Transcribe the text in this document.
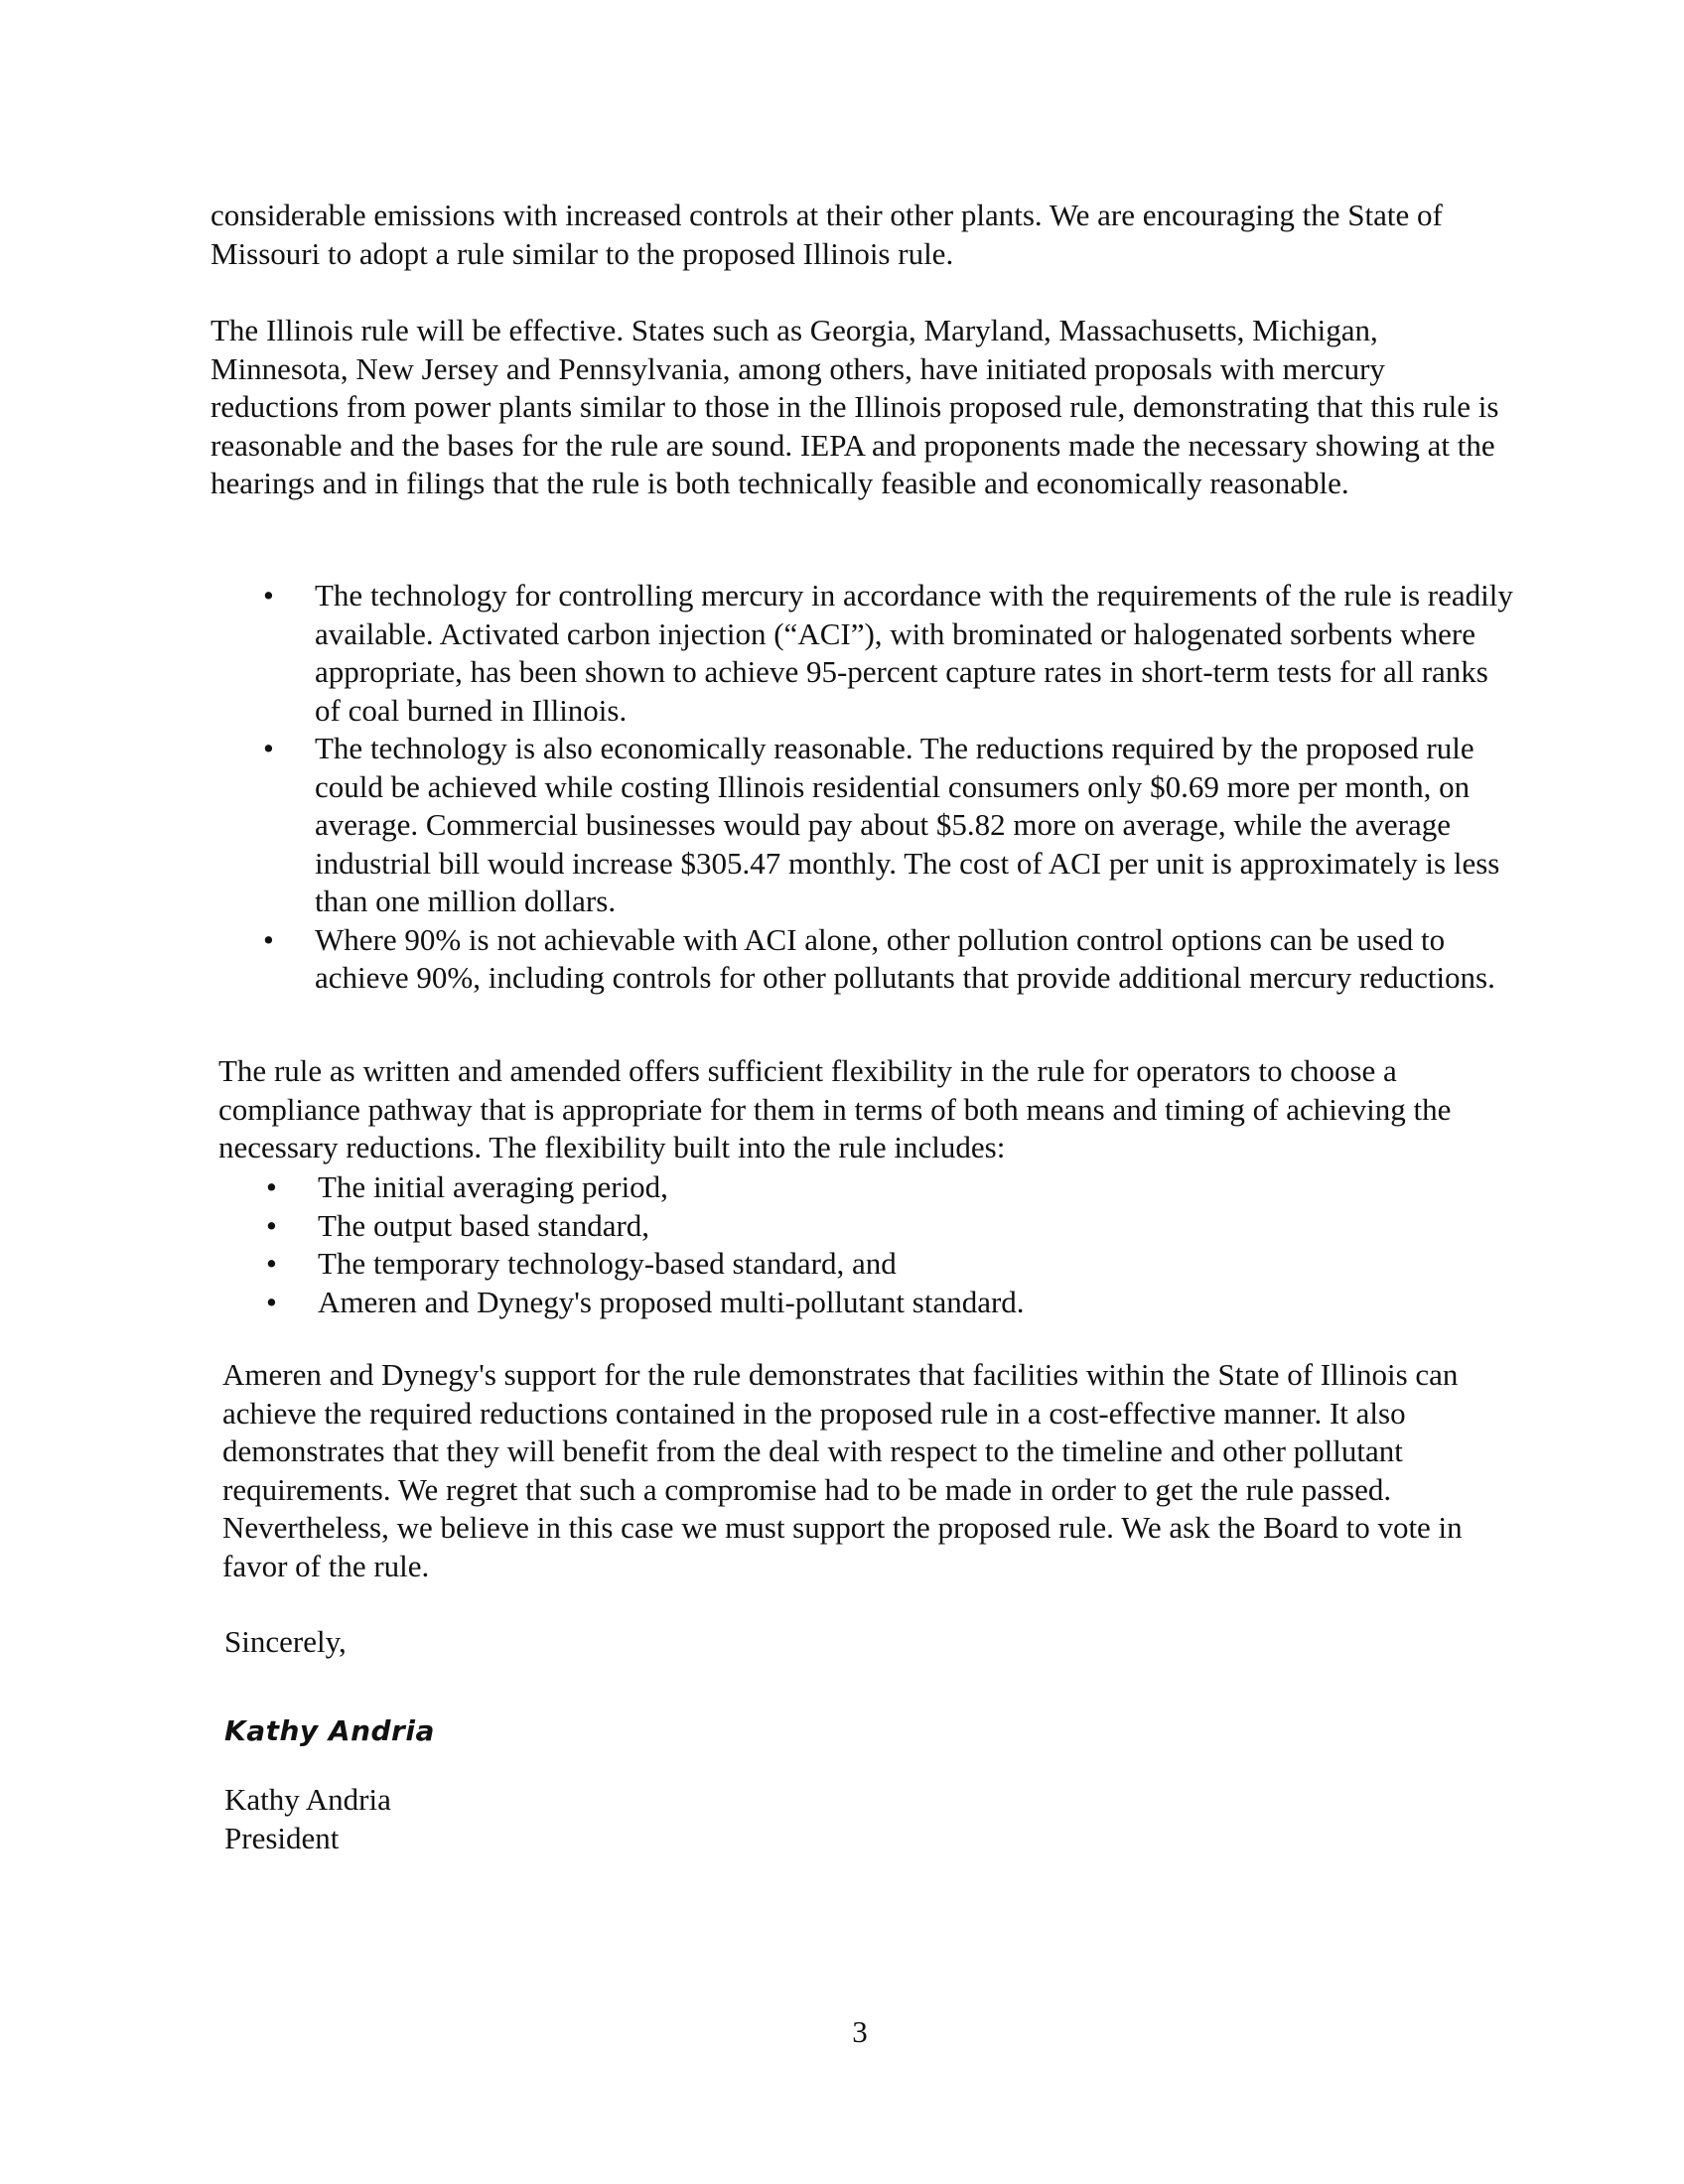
considerable emissions with increased controls at their other plants. We are encouraging the State of Missouri to adopt a rule similar to the proposed Illinois rule.

The Illinois rule will be effective. States such as Georgia, Maryland, Massachusetts, Michigan, Minnesota, New Jersey and Pennsylvania, among others, have initiated proposals with mercury reductions from power plants similar to those in the Illinois proposed rule, demonstrating that this rule is reasonable and the bases for the rule are sound. IEPA and proponents made the necessary showing at the hearings and in filings that the rule is both technically feasible and economically reasonable.

• The technology for controlling mercury in accordance with the requirements of the rule is readily available. Activated carbon injection (“ACI”), with brominated or halogenated sorbents where appropriate, has been shown to achieve 95-percent capture rates in short-term tests for all ranks of coal burned in Illinois.
• The technology is also economically reasonable. The reductions required by the proposed rule could be achieved while costing Illinois residential consumers only $0.69 more per month, on average. Commercial businesses would pay about $5.82 more on average, while the average industrial bill would increase $305.47 monthly. The cost of ACI per unit is approximately is less than one million dollars.
• Where 90% is not achievable with ACI alone, other pollution control options can be used to achieve 90%, including controls for other pollutants that provide additional mercury reductions.

The rule as written and amended offers sufficient flexibility in the rule for operators to choose a compliance pathway that is appropriate for them in terms of both means and timing of achieving the necessary reductions. The flexibility built into the rule includes:

• The initial averaging period,
• The output based standard,
• The temporary technology-based standard, and
• Ameren and Dynegy's proposed multi-pollutant standard.

Ameren and Dynegy's support for the rule demonstrates that facilities within the State of Illinois can achieve the required reductions contained in the proposed rule in a cost-effective manner. It also demonstrates that they will benefit from the deal with respect to the timeline and other pollutant requirements. We regret that such a compromise had to be made in order to get the rule passed. Nevertheless, we believe in this case we must support the proposed rule. We ask the Board to vote in favor of the rule.

Sincerely,

Kathy Andria

Kathy Andria

President

3
